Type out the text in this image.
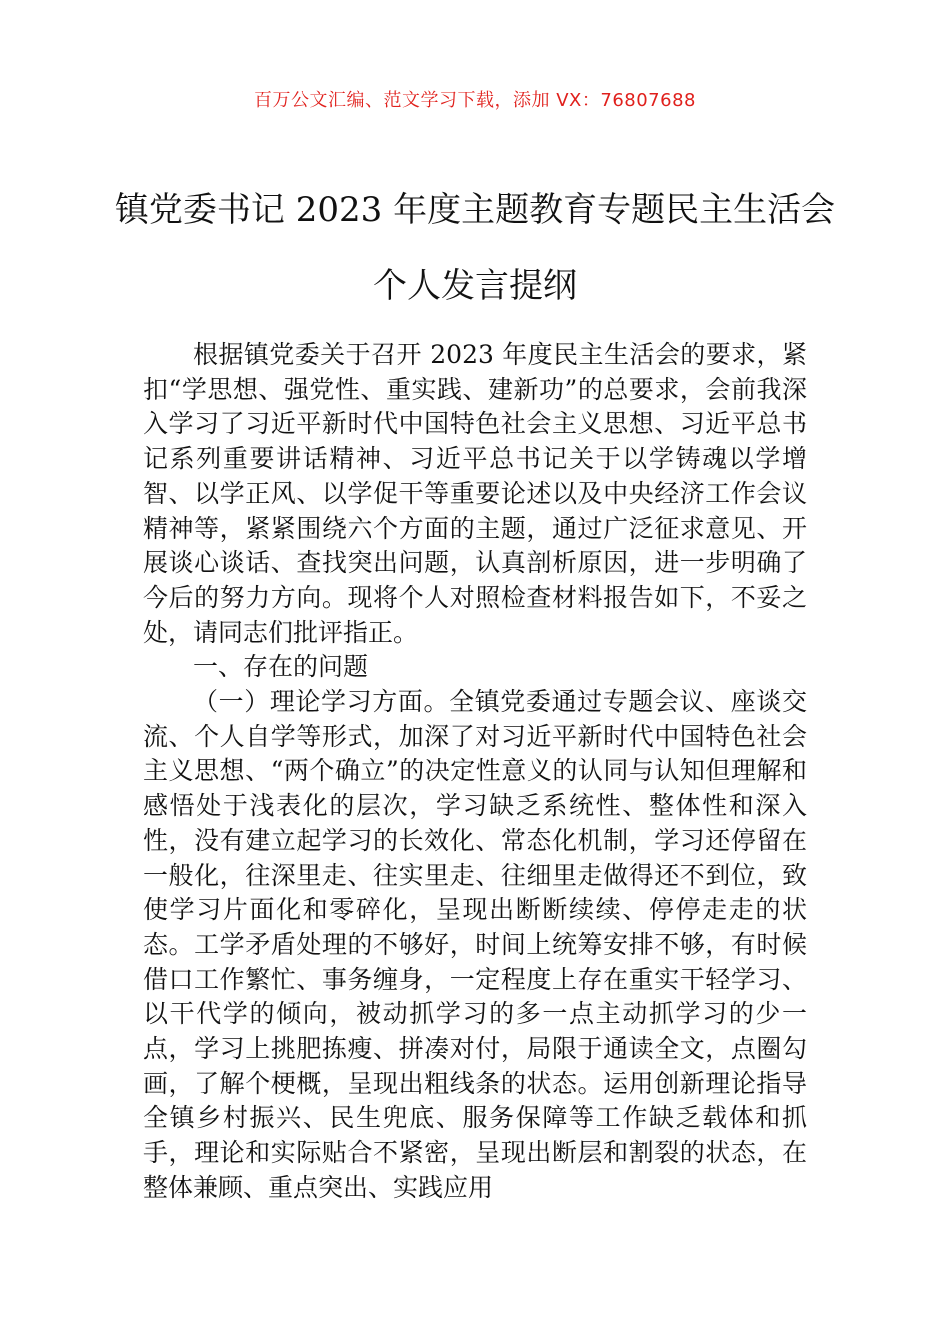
百万公文汇编、范文学习下载，添加 VX：76807688
镇党委书记 2023 年度主题教育专题民主生活会个人发言提纲

根据镇党委关于召开 2023 年度民主生活会的要求，紧扣“学思想、强党性、重实践、建新功”的总要求，会前我深入学习了习近平新时代中国特色社会主义思想、习近平总书记系列重要讲话精神、习近平总书记关于以学铸魂以学增智、以学正风、以学促干等重要论述以及中央经济工作会议精神等，紧紧围绕六个方面的主题，通过广泛征求意见、开展谈心谈话、查找突出问题，认真剖析原因，进一步明确了今后的努力方向。现将个人对照检查材料报告如下，不妥之处，请同志们批评指正。

一、存在的问题

（一）理论学习方面。全镇党委通过专题会议、座谈交流、个人自学等形式，加深了对习近平新时代中国特色社会主义思想、“两个确立”的决定性意义的认同与认知但理解和感悟处于浅表化的层次，学习缺乏系统性、整体性和深入性，没有建立起学习的长效化、常态化机制，学习还停留在一般化，往深里走、往实里走、往细里走做得还不到位，致使学习片面化和零碎化，呈现出断断续续、停停走走的状态。工学矛盾处理的不够好，时间上统筹安排不够，有时候借口工作繁忙、事务缠身，一定程度上存在重实干轻学习、以干代学的倾向，被动抓学习的多一点主动抓学习的少一点，学习上挑肥拣瘦、拼凑对付，局限于通读全文，点圈勾画，了解个梗概，呈现出粗线条的状态。运用创新理论指导全镇乡村振兴、民生兜底、服务保障等工作缺乏载体和抓手，理论和实际贴合不紧密，呈现出断层和割裂的状态，在整体兼顾、重点突出、实践应用
